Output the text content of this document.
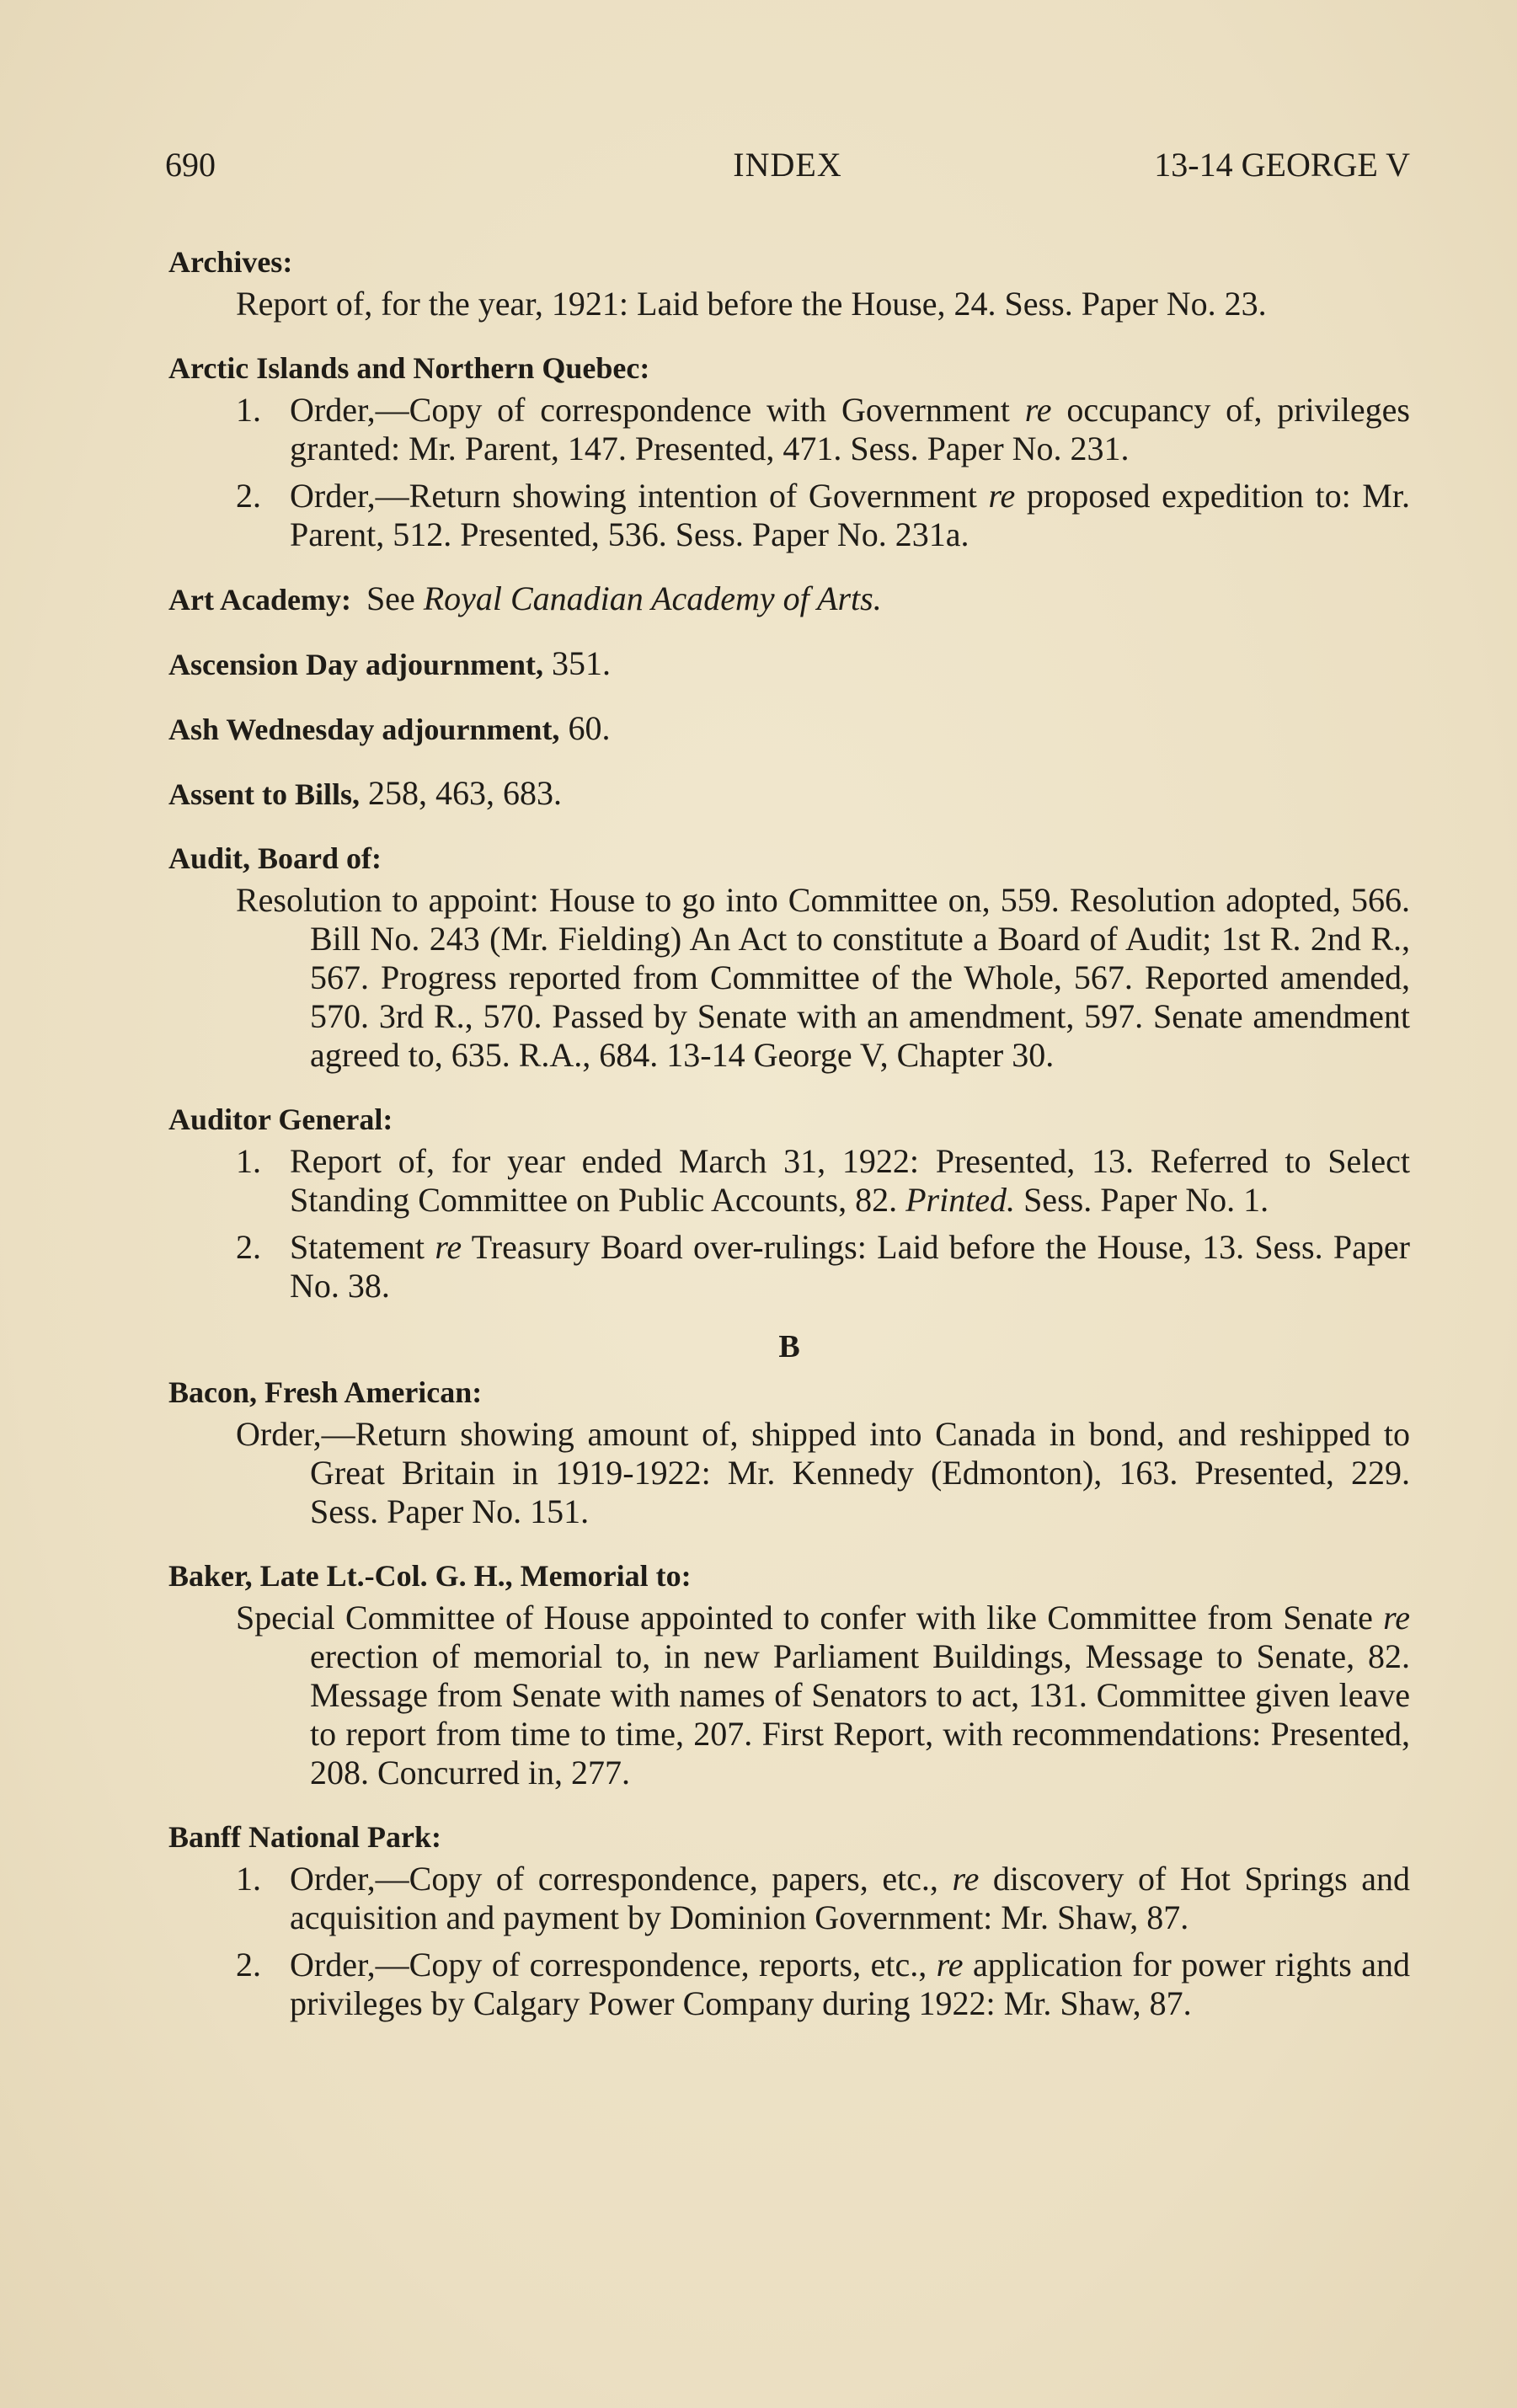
690	INDEX	13-14 GEORGE V
Archives:
Report of, for the year, 1921: Laid before the House, 24. Sess. Paper No. 23.
Arctic Islands and Northern Quebec:
1. Order,—Copy of correspondence with Government re occupancy of, privileges granted: Mr. Parent, 147. Presented, 471. Sess. Paper No. 231.
2. Order,—Return showing intention of Government re proposed expedition to: Mr. Parent, 512. Presented, 536. Sess. Paper No. 231a.
Art Academy: See Royal Canadian Academy of Arts.
Ascension Day adjournment, 351.
Ash Wednesday adjournment, 60.
Assent to Bills, 258, 463, 683.
Audit, Board of:
Resolution to appoint: House to go into Committee on, 559. Resolution adopted, 566. Bill No. 243 (Mr. Fielding) An Act to constitute a Board of Audit; 1st R. 2nd R., 567. Progress reported from Committee of the Whole, 567. Reported amended, 570. 3rd R., 570. Passed by Senate with an amendment, 597. Senate amendment agreed to, 635. R.A., 684. 13-14 George V, Chapter 30.
Auditor General:
1. Report of, for year ended March 31, 1922: Presented, 13. Referred to Select Standing Committee on Public Accounts, 82. Printed. Sess. Paper No. 1.
2. Statement re Treasury Board over-rulings: Laid before the House, 13. Sess. Paper No. 38.
B
Bacon, Fresh American:
Order,—Return showing amount of, shipped into Canada in bond, and reshipped to Great Britain in 1919-1922: Mr. Kennedy (Edmonton), 163. Presented, 229. Sess. Paper No. 151.
Baker, Late Lt.-Col. G. H., Memorial to:
Special Committee of House appointed to confer with like Committee from Senate re erection of memorial to, in new Parliament Buildings, Message to Senate, 82. Message from Senate with names of Senators to act, 131. Committee given leave to report from time to time, 207. First Report, with recommendations: Presented, 208. Concurred in, 277.
Banff National Park:
1. Order,—Copy of correspondence, papers, etc., re discovery of Hot Springs and acquisition and payment by Dominion Government: Mr. Shaw, 87.
2. Order,—Copy of correspondence, reports, etc., re application for power rights and privileges by Calgary Power Company during 1922: Mr. Shaw, 87.
